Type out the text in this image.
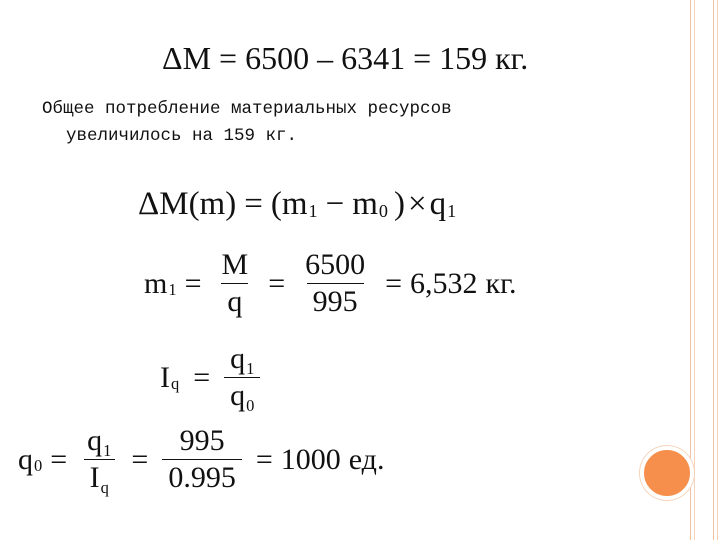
ΔM = 6500 – 6341 = 159 кг.
Общее потребление материальных ресурсов
увеличилось на 159 кг.
ΔM(m) = (m 1 − m 0 ) × q 1
m $1 = \frac{M}{q} = \frac{6500}{995} = 6,532$ кг.
I $q = \frac{q_1}{q_0}$
q $0 = \frac{q_1}{I_q} = \frac{995}{0.995} = 1000$ ед.
